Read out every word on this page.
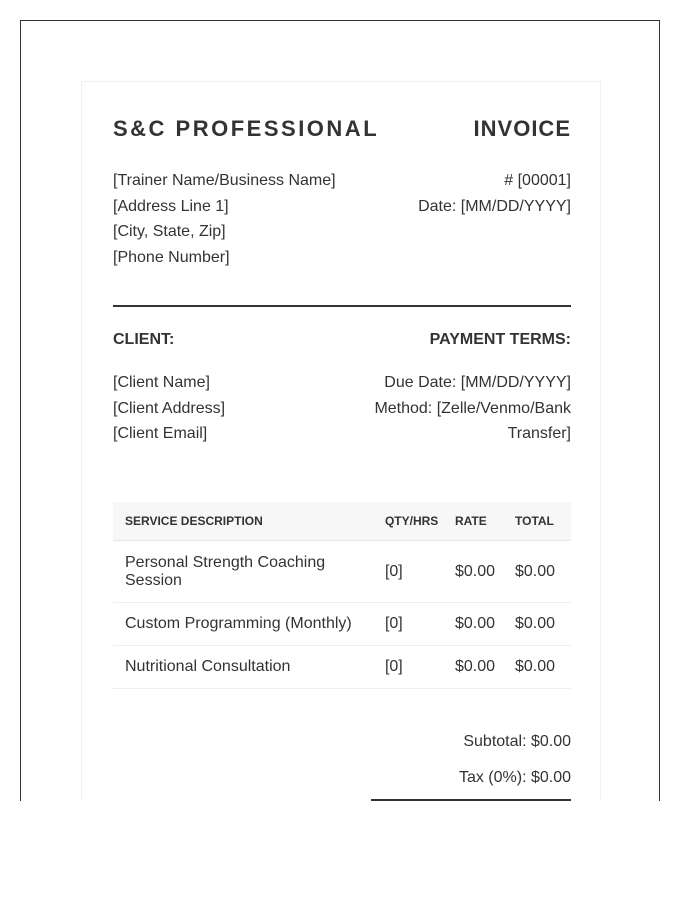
S&C PROFESSIONAL	INVOICE
[Trainer Name/Business Name]
[Address Line 1]
[City, State, Zip]
[Phone Number]
# [00001]
Date: [MM/DD/YYYY]
CLIENT:	PAYMENT TERMS:
[Client Name]
[Client Address]
[Client Email]
Due Date: [MM/DD/YYYY]
Method: [Zelle/Venmo/Bank Transfer]
SERVICE DESCRIPTION	QTY/HRS	RATE	TOTAL
Personal Strength Coaching Session	[0]	$0.00	$0.00
Custom Programming (Monthly)	[0]	$0.00	$0.00
Nutritional Consultation	[0]	$0.00	$0.00
Subtotal: $0.00
Tax (0%): $0.00
